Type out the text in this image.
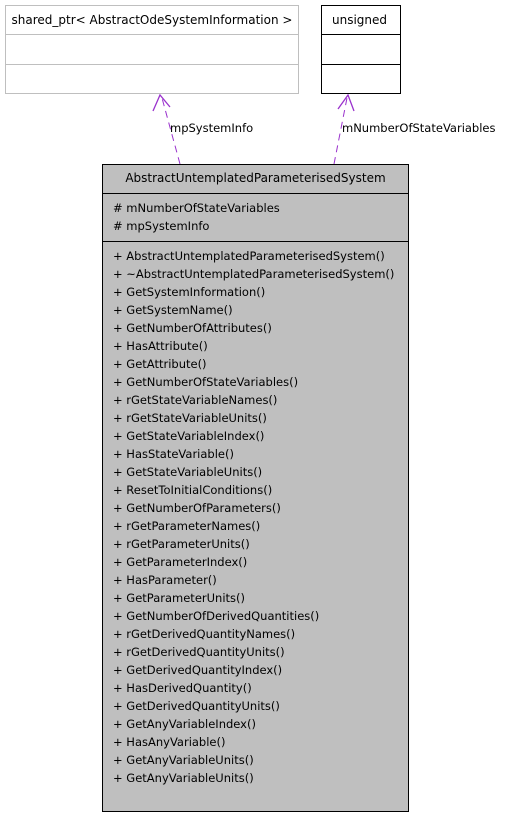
mpSystemInfo	mNumberOfStateVariables
shared_ptr< AbstractOdeSystemInformation >	unsigned
AbstractUntemplatedParameterisedSystem
# mNumberOfStateVariables
# mpSystemInfo
+ AbstractUntemplatedParameterisedSystem()
+ ~AbstractUntemplatedParameterisedSystem()
+ GetSystemInformation()
+ GetSystemName()
+ GetNumberOfAttributes()
+ HasAttribute()
+ GetAttribute()
+ GetNumberOfStateVariables()
+ rGetStateVariableNames()
+ rGetStateVariableUnits()
+ GetStateVariableIndex()
+ HasStateVariable()
+ GetStateVariableUnits()
+ ResetToInitialConditions()
+ GetNumberOfParameters()
+ rGetParameterNames()
+ rGetParameterUnits()
+ GetParameterIndex()
+ HasParameter()
+ GetParameterUnits()
+ GetNumberOfDerivedQuantities()
+ rGetDerivedQuantityNames()
+ rGetDerivedQuantityUnits()
+ GetDerivedQuantityIndex()
+ HasDerivedQuantity()
+ GetDerivedQuantityUnits()
+ GetAnyVariableIndex()
+ HasAnyVariable()
+ GetAnyVariableUnits()
+ GetAnyVariableUnits()
